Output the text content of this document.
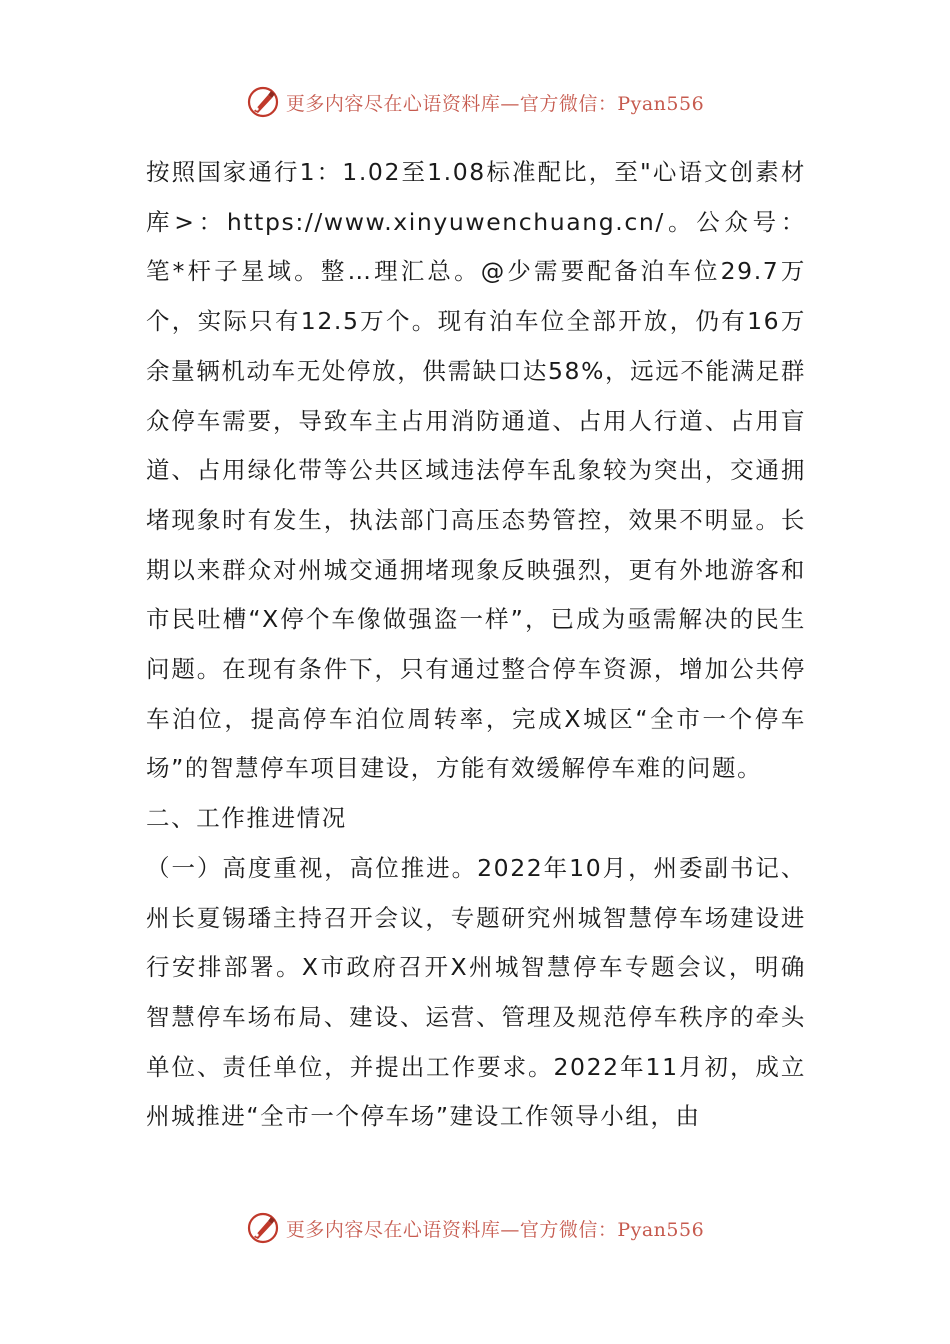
更多内容尽在心语资料库—官方微信：Pyan556

按照国家通行1：1.02至1.08标准配比，至"心语文创素材库>：https://www.xinyuwenchuang.cn/。公众号：笔*杆子星域。整…理汇总。@少需要配备泊车位29.7万个，实际只有12.5万个。现有泊车位全部开放，仍有16万余量辆机动车无处停放，供需缺口达58%，远远不能满足群众停车需要，导致车主占用消防通道、占用人行道、占用盲道、占用绿化带等公共区域违法停车乱象较为突出，交通拥堵现象时有发生，执法部门高压态势管控，效果不明显。长期以来群众对州城交通拥堵现象反映强烈，更有外地游客和市民吐槽“X停个车像做强盗一样”，已成为亟需解决的民生问题。在现有条件下，只有通过整合停车资源，增加公共停车泊位，提高停车泊位周转率，完成X城区“全市一个停车场”的智慧停车项目建设，方能有效缓解停车难的问题。

二、工作推进情况

（一）高度重视，高位推进。2022年10月，州委副书记、州长夏锡璠主持召开会议，专题研究州城智慧停车场建设进行安排部署。X市政府召开X州城智慧停车专题会议，明确智慧停车场布局、建设、运营、管理及规范停车秩序的牵头单位、责任单位，并提出工作要求。2022年11月初，成立州城推进“全市一个停车场”建设工作领导小组，由

更多内容尽在心语资料库—官方微信：Pyan556
